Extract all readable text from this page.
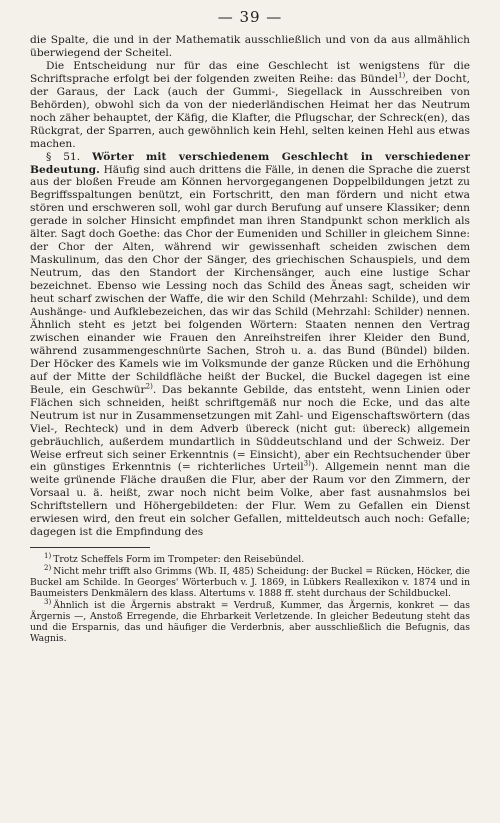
— 39 —

die Spalte, die und in der Mathematik ausschließlich und von da aus allmählich überwiegend der Scheitel.

Die Entscheidung nur für das eine Geschlecht ist wenigstens für die Schriftsprache erfolgt bei der folgenden zweiten Reihe: das Bündel$^{1)}$, der Docht, der Garaus, der Lack (auch der Gummi-, Siegellack in Ausschreiben von Behörden), obwohl sich da von der niederländischen Heimat her das Neutrum noch zäher behauptet, der Käfig, die Klafter, die Pflugschar, der Schreck(en), das Rückgrat, der Sparren, auch gewöhnlich kein Hehl, selten keinen Hehl aus etwas machen.

§ 51. Wörter mit verschiedenem Geschlecht in verschiedener Bedeutung. Häufig sind auch drittens die Fälle, in denen die Sprache die zuerst aus der bloßen Freude am Können hervorgegangenen Doppelbildungen jetzt zu Begriffsspaltungen benützt, ein Fortschritt, den man fördern und nicht etwa stören und erschweren soll, wohl gar durch Berufung auf unsere Klassiker; denn gerade in solcher Hinsicht empfindet man ihren Standpunkt schon merklich als älter. Sagt doch Goethe: das Chor der Eumeniden und Schiller in gleichem Sinne: der Chor der Alten, während wir gewissenhaft scheiden zwischen dem Maskulinum, das den Chor der Sänger, des griechischen Schauspiels, und dem Neutrum, das den Standort der Kirchensänger, auch eine lustige Schar bezeichnet. Ebenso wie Lessing noch das Schild des Äneas sagt, scheiden wir heut scharf zwischen der Waffe, die wir den Schild (Mehrzahl: Schilde), und dem Aushänge- und Aufklebezeichen, das wir das Schild (Mehrzahl: Schilder) nennen. Ähnlich steht es jetzt bei folgenden Wörtern: Staaten nennen den Vertrag zwischen einander wie Frauen den Anreihstreifen ihrer Kleider den Bund, während zusammengeschnürte Sachen, Stroh u. a. das Bund (Bündel) bilden. Der Höcker des Kamels wie im Volksmunde der ganze Rücken und die Erhöhung auf der Mitte der Schildfläche heißt der Buckel, die Buckel dagegen ist eine Beule, ein Geschwür$^{2)}$. Das bekannte Gebilde, das entsteht, wenn Linien oder Flächen sich schneiden, heißt schriftgemäß nur noch die Ecke, und das alte Neutrum ist nur in Zusammensetzungen mit Zahl- und Eigenschaftswörtern (das Viel-, Rechteck) und in dem Adverb übereck (nicht gut: übereck) allgemein gebräuchlich, außerdem mundartlich in Süddeutschland und der Schweiz. Der Weise erfreut sich seiner Erkenntnis (= Einsicht), aber ein Rechtsuchender über ein günstiges Erkenntnis (= richterliches Urteil$^{3)}$). Allgemein nennt man die weite grünende Fläche draußen die Flur, aber der Raum vor den Zimmern, der Vorsaal u. ä. heißt, zwar noch nicht beim Volke, aber fast ausnahmslos bei Schriftstellern und Höhergebildeten: der Flur. Wem zu Gefallen ein Dienst erwiesen wird, den freut ein solcher Gefallen, mitteldeutsch auch noch: Gefalle; dagegen ist die Empfindung des

$^{1)}$ Trotz Scheffels Form im Trompeter: den Reisebündel.

$^{2)}$ Nicht mehr trifft also Grimms (Wb. II, 485) Scheidung: der Buckel = Rücken, Höcker, die Buckel am Schilde. In Georges' Wörterbuch v. J. 1869, in Lübkers Reallexikon v. 1874 und in Baumeisters Denkmälern des klass. Altertums v. 1888 ff. steht durchaus der Schildbuckel.

$^{3)}$ Ähnlich ist die Ärgernis abstrakt = Verdruß, Kummer, das Ärgernis, konkret — das Ärgernis —, Anstoß Erregende, die Ehrbarkeit Verletzende. In gleicher Bedeutung steht das und die Ersparnis, das und häufiger die Verderbnis, aber ausschließlich die Befugnis, das Wagnis.
